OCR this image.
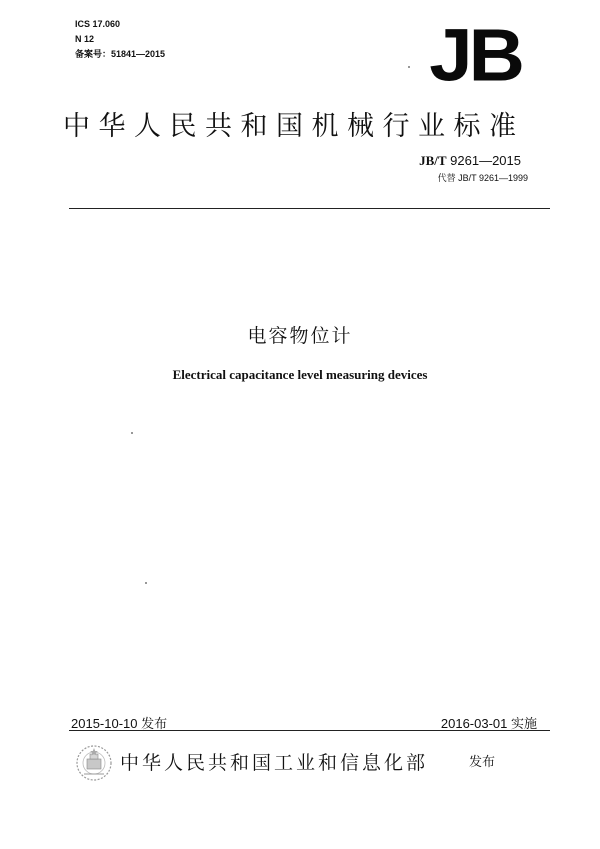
ICS 17.060
N 12
备案号：51841—2015	JB
中华人民共和国机械行业标准
JB/T 9261—2015
代替 JB/T 9261—1999
电容物位计
Electrical capacitance level measuring devices
2015-10-10 发布	2016-03-01 实施
中华人民共和国工业和信息化部	发布
